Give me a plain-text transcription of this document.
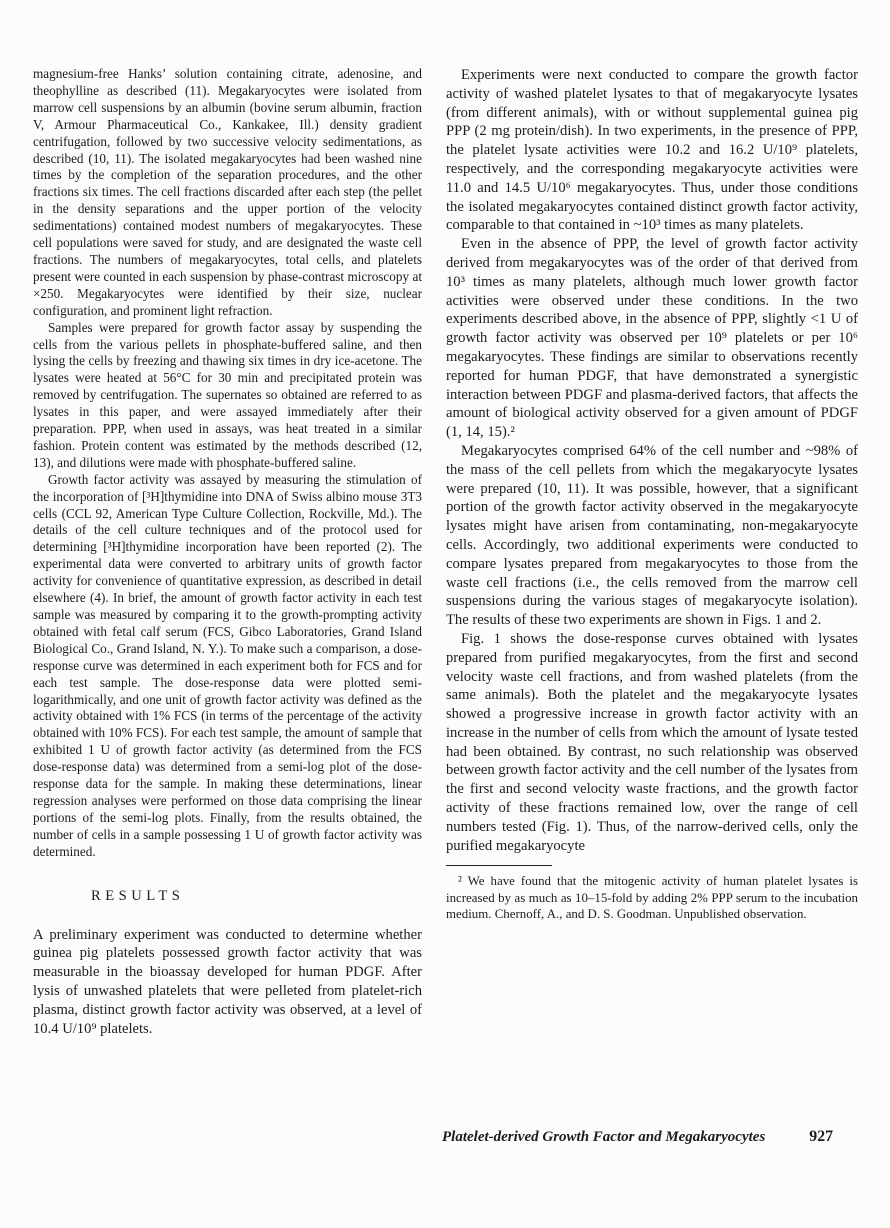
magnesium-free Hanks’ solution containing citrate, adenosine, and theophylline as described (11). Megakaryocytes were isolated from marrow cell suspensions by an albumin (bovine serum albumin, fraction V, Armour Pharmaceutical Co., Kankakee, Ill.) density gradient centrifugation, followed by two successive velocity sedimentations, as described (10, 11). The isolated megakaryocytes had been washed nine times by the completion of the separation procedures, and the other fractions six times. The cell fractions discarded after each step (the pellet in the density separations and the upper portion of the velocity sedimentations) contained modest numbers of megakaryocytes. These cell populations were saved for study, and are designated the waste cell fractions. The numbers of megakaryocytes, total cells, and platelets present were counted in each suspension by phase-contrast microscopy at ×250. Megakaryocytes were identified by their size, nuclear configuration, and prominent light refraction.

Samples were prepared for growth factor assay by suspending the cells from the various pellets in phosphate-buffered saline, and then lysing the cells by freezing and thawing six times in dry ice-acetone. The lysates were heated at 56°C for 30 min and precipitated protein was removed by centrifugation. The supernates so obtained are referred to as lysates in this paper, and were assayed immediately after their preparation. PPP, when used in assays, was heat treated in a similar fashion. Protein content was estimated by the methods described (12, 13), and dilutions were made with phosphate-buffered saline.

Growth factor activity was assayed by measuring the stimulation of the incorporation of [³H]thymidine into DNA of Swiss albino mouse 3T3 cells (CCL 92, American Type Culture Collection, Rockville, Md.). The details of the cell culture techniques and of the protocol used for determining [³H]thymidine incorporation have been reported (2). The experimental data were converted to arbitrary units of growth factor activity for convenience of quantitative expression, as described in detail elsewhere (4). In brief, the amount of growth factor activity in each test sample was measured by comparing it to the growth-prompting activity obtained with fetal calf serum (FCS, Gibco Laboratories, Grand Island Biological Co., Grand Island, N. Y.). To make such a comparison, a dose-response curve was determined in each experiment both for FCS and for each test sample. The dose-response data were plotted semi-logarithmically, and one unit of growth factor activity was defined as the activity obtained with 1% FCS (in terms of the percentage of the activity obtained with 10% FCS). For each test sample, the amount of sample that exhibited 1 U of growth factor activity (as determined from the FCS dose-response data) was determined from a semi-log plot of the dose-response data for the sample. In making these determinations, linear regression analyses were performed on those data comprising the linear portions of the semi-log plots. Finally, from the results obtained, the number of cells in a sample possessing 1 U of growth factor activity was determined.

RESULTS

A preliminary experiment was conducted to determine whether guinea pig platelets possessed growth factor activity that was measurable in the bioassay developed for human PDGF. After lysis of unwashed platelets that were pelleted from platelet-rich plasma, distinct growth factor activity was observed, at a level of 10.4 U/10⁹ platelets.

Experiments were next conducted to compare the growth factor activity of washed platelet lysates to that of megakaryocyte lysates (from different animals), with or without supplemental guinea pig PPP (2 mg protein/dish). In two experiments, in the presence of PPP, the platelet lysate activities were 10.2 and 16.2 U/10⁹ platelets, respectively, and the corresponding megakaryocyte activities were 11.0 and 14.5 U/10⁶ megakaryocytes. Thus, under those conditions the isolated megakaryocytes contained distinct growth factor activity, comparable to that contained in ~10³ times as many platelets.

Even in the absence of PPP, the level of growth factor activity derived from megakaryocytes was of the order of that derived from 10³ times as many platelets, although much lower growth factor activities were observed under these conditions. In the two experiments described above, in the absence of PPP, slightly <1 U of growth factor activity was observed per 10⁹ platelets or per 10⁶ megakaryocytes. These findings are similar to observations recently reported for human PDGF, that have demonstrated a synergistic interaction between PDGF and plasma-derived factors, that affects the amount of biological activity observed for a given amount of PDGF (1, 14, 15).²

Megakaryocytes comprised 64% of the cell number and ~98% of the mass of the cell pellets from which the megakaryocyte lysates were prepared (10, 11). It was possible, however, that a significant portion of the growth factor activity observed in the megakaryocyte lysates might have arisen from contaminating, non-megakaryocyte cells. Accordingly, two additional experiments were conducted to compare lysates prepared from megakaryocytes to those from the waste cell fractions (i.e., the cells removed from the marrow cell suspensions during the various stages of megakaryocyte isolation). The results of these two experiments are shown in Figs. 1 and 2.

Fig. 1 shows the dose-response curves obtained with lysates prepared from purified megakaryocytes, from the first and second velocity waste cell fractions, and from washed platelets (from the same animals). Both the platelet and the megakaryocyte lysates showed a progressive increase in growth factor activity with an increase in the number of cells from which the amount of lysate tested had been obtained. By contrast, no such relationship was observed between growth factor activity and the cell number of the lysates from the first and second velocity waste fractions, and the growth factor activity of these fractions remained low, over the range of cell numbers tested (Fig. 1). Thus, of the narrow-derived cells, only the purified megakaryocyte

² We have found that the mitogenic activity of human platelet lysates is increased by as much as 10–15-fold by adding 2% PPP serum to the incubation medium. Chernoff, A., and D. S. Goodman. Unpublished observation.

Platelet-derived Growth Factor and Megakaryocytes	927
